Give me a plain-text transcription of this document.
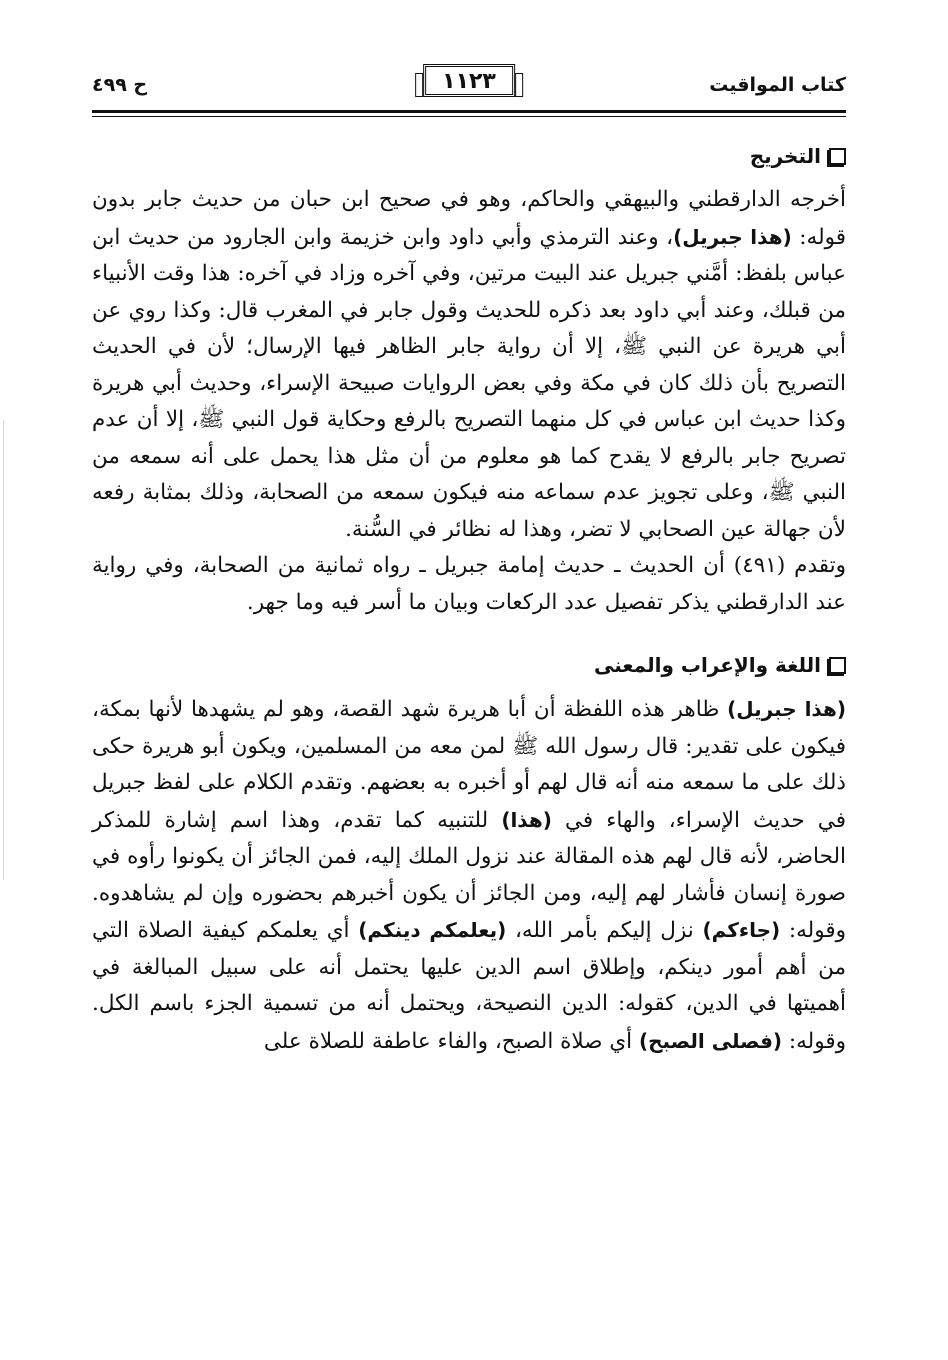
كتاب المواقيت
١١٢٣
ح ٤٩٩
التخريج

أخرجه الدارقطني والبيهقي والحاكم، وهو في صحيح ابن حبان من حديث جابر بدون قوله: (هذا جبريل)، وعند الترمذي وأبي داود وابن خزيمة وابن الجارود من حديث ابن عباس بلفظ: أمَّني جبريل عند البيت مرتين، وفي آخره وزاد في آخره: هذا وقت الأنبياء من قبلك، وعند أبي داود بعد ذكره للحديث وقول جابر في المغرب قال: وكذا روي عن أبي هريرة عن النبي ﷺ، إلا أن رواية جابر الظاهر فيها الإرسال؛ لأن في الحديث التصريح بأن ذلك كان في مكة وفي بعض الروايات صبيحة الإسراء، وحديث أبي هريرة وكذا حديث ابن عباس في كل منهما التصريح بالرفع وحكاية قول النبي ﷺ، إلا أن عدم تصريح جابر بالرفع لا يقدح كما هو معلوم من أن مثل هذا يحمل على أنه سمعه من النبي ﷺ، وعلى تجويز عدم سماعه منه فيكون سمعه من الصحابة، وذلك بمثابة رفعه لأن جهالة عين الصحابي لا تضر، وهذا له نظائر في السُّنة.

وتقدم (٤٩١) أن الحديث ـ حديث إمامة جبريل ـ رواه ثمانية من الصحابة، وفي رواية عند الدارقطني يذكر تفصيل عدد الركعات وبيان ما أسر فيه وما جهر.

اللغة والإعراب والمعنى

(هذا جبريل) ظاهر هذه اللفظة أن أبا هريرة شهد القصة، وهو لم يشهدها لأنها بمكة، فيكون على تقدير: قال رسول الله ﷺ لمن معه من المسلمين، ويكون أبو هريرة حكى ذلك على ما سمعه منه أنه قال لهم أو أخبره به بعضهم. وتقدم الكلام على لفظ جبريل في حديث الإسراء، والهاء في (هذا) للتنبيه كما تقدم، وهذا اسم إشارة للمذكر الحاضر، لأنه قال لهم هذه المقالة عند نزول الملك إليه، فمن الجائز أن يكونوا رأوه في صورة إنسان فأشار لهم إليه، ومن الجائز أن يكون أخبرهم بحضوره وإن لم يشاهدوه. وقوله: (جاءكم) نزل إليكم بأمر الله، (يعلمكم دينكم) أي يعلمكم كيفية الصلاة التي من أهم أمور دينكم، وإطلاق اسم الدين عليها يحتمل أنه على سبيل المبالغة في أهميتها في الدين، كقوله: الدين النصيحة، ويحتمل أنه من تسمية الجزء باسم الكل. وقوله: (فصلى الصبح) أي صلاة الصبح، والفاء عاطفة للصلاة على
